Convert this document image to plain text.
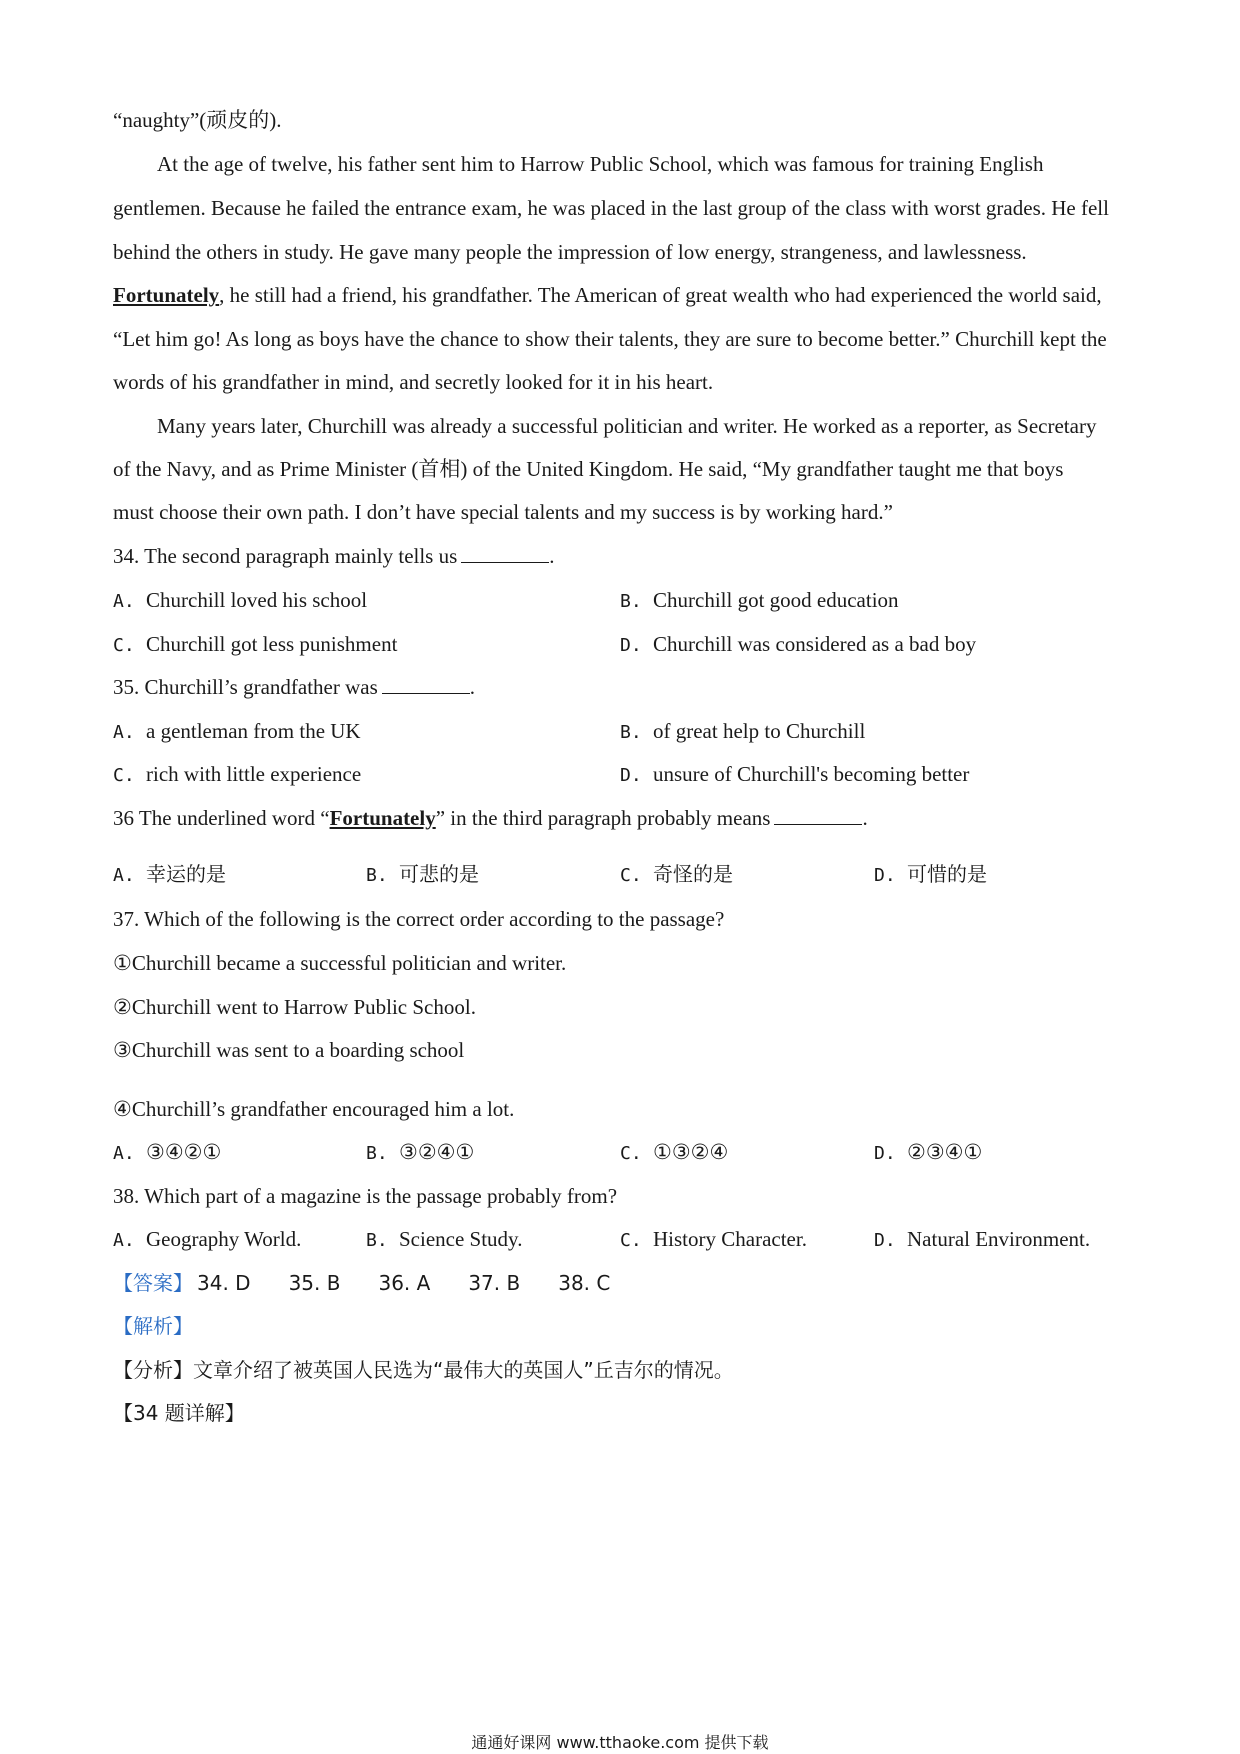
“naughty”(顽皮的).
At the age of twelve, his father sent him to Harrow Public School, which was famous for training English
gentlemen. Because he failed the entrance exam, he was placed in the last group of the class with worst grades. He fell
behind the others in study. He gave many people the impression of low energy, strangeness, and lawlessness.
Fortunately, he still had a friend, his grandfather. The American of great wealth who had experienced the world said,
“Let him go! As long as boys have the chance to show their talents, they are sure to become better.” Churchill kept the
words of his grandfather in mind, and secretly looked for it in his heart.
Many years later, Churchill was already a successful politician and writer. He worked as a reporter, as Secretary
of the Navy, and as Prime Minister (首相) of the United Kingdom. He said, “My grandfather taught me that boys
must choose their own path. I don’t have special talents and my success is by working hard.”
34. The second paragraph mainly tells us	.
A. Churchill loved his school	B. Churchill got good education
C. Churchill got less punishment	D. Churchill was considered as a bad boy
35. Churchill’s grandfather was	.
A. a gentleman from the UK	B. of great help to Churchill
C. rich with little experience	D. unsure of Churchill's becoming better
36 The underlined word “Fortunately” in the third paragraph probably means	.
A. 幸运的是	B. 可悲的是	C. 奇怪的是	D. 可惜的是
37. Which of the following is the correct order according to the passage?
①Churchill became a successful politician and writer.
②Churchill went to Harrow Public School.
③Churchill was sent to a boarding school
④Churchill’s grandfather encouraged him a lot.
A. ③④②①	B. ③②④①	C. ①③②④	D. ②③④①
38. Which part of a magazine is the passage probably from?
A. Geography World.	B. Science Study.	C. History Character.	D. Natural Environment.
【答案】 34. D 35. B 36. A 37. B 38. C
【解析】
【分析】文章介绍了被英国人民选为“最伟大的英国人”丘吉尔的情况。
【34 题详解】
通通好课网 www.tthaoke.com 提供下载
